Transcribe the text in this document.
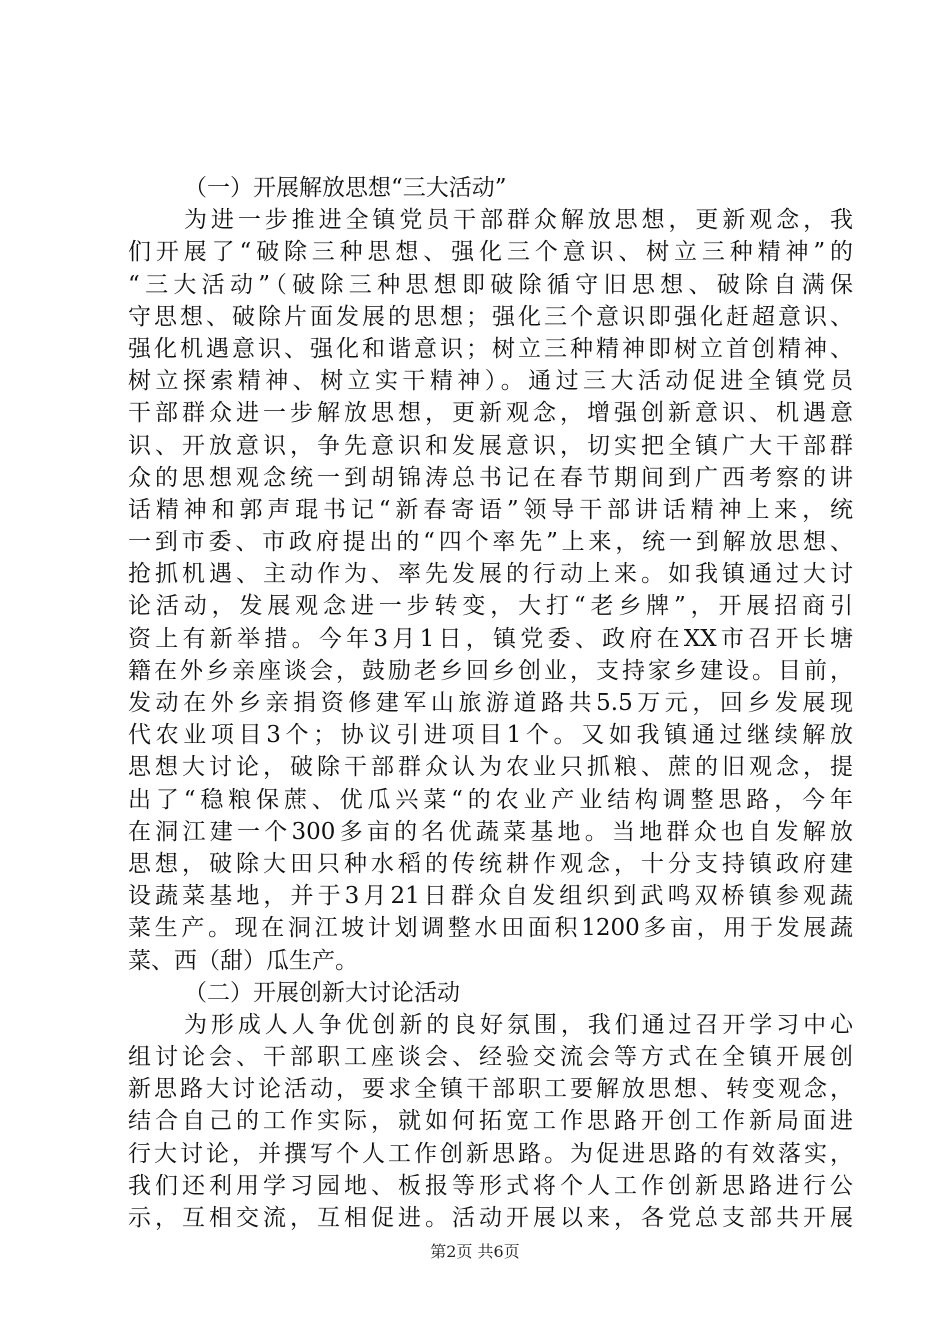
（一）开展解放思想“三大活动”
为进一步推进全镇党员干部群众解放思想，更新观念，我
们开展了“破除三种思想、强化三个意识、树立三种精神”的
“三大活动”（破除三种思想即破除循守旧思想、破除自满保
守思想、破除片面发展的思想；强化三个意识即强化赶超意识、
强化机遇意识、强化和谐意识；树立三种精神即树立首创精神、
树立探索精神、树立实干精神）。通过三大活动促进全镇党员
干部群众进一步解放思想，更新观念，增强创新意识、机遇意
识、开放意识，争先意识和发展意识，切实把全镇广大干部群
众的思想观念统一到胡锦涛总书记在春节期间到广西考察的讲
话精神和郭声琨书记“新春寄语”领导干部讲话精神上来，统
一到市委、市政府提出的“四个率先”上来，统一到解放思想、
抢抓机遇、主动作为、率先发展的行动上来。如我镇通过大讨
论活动，发展观念进一步转变，大打“老乡牌”，开展招商引
资上有新举措。今年3月1日，镇党委、政府在XX市召开长塘
籍在外乡亲座谈会，鼓励老乡回乡创业，支持家乡建设。目前，
发动在外乡亲捐资修建军山旅游道路共5.5万元，回乡发展现
代农业项目3个；协议引进项目1个。又如我镇通过继续解放
思想大讨论，破除干部群众认为农业只抓粮、蔗的旧观念，提
出了“稳粮保蔗、优瓜兴菜“的农业产业结构调整思路，今年
在洞江建一个300多亩的名优蔬菜基地。当地群众也自发解放
思想，破除大田只种水稻的传统耕作观念，十分支持镇政府建
设蔬菜基地，并于3月21日群众自发组织到武鸣双桥镇参观蔬
菜生产。现在洞江坡计划调整水田面积1200多亩，用于发展蔬
菜、西（甜）瓜生产。
（二）开展创新大讨论活动
为形成人人争优创新的良好氛围，我们通过召开学习中心
组讨论会、干部职工座谈会、经验交流会等方式在全镇开展创
新思路大讨论活动，要求全镇干部职工要解放思想、转变观念，
结合自己的工作实际，就如何拓宽工作思路开创工作新局面进
行大讨论，并撰写个人工作创新思路。为促进思路的有效落实，
我们还利用学习园地、板报等形式将个人工作创新思路进行公
示，互相交流，互相促进。活动开展以来，各党总支部共开展
第2页 共6页
